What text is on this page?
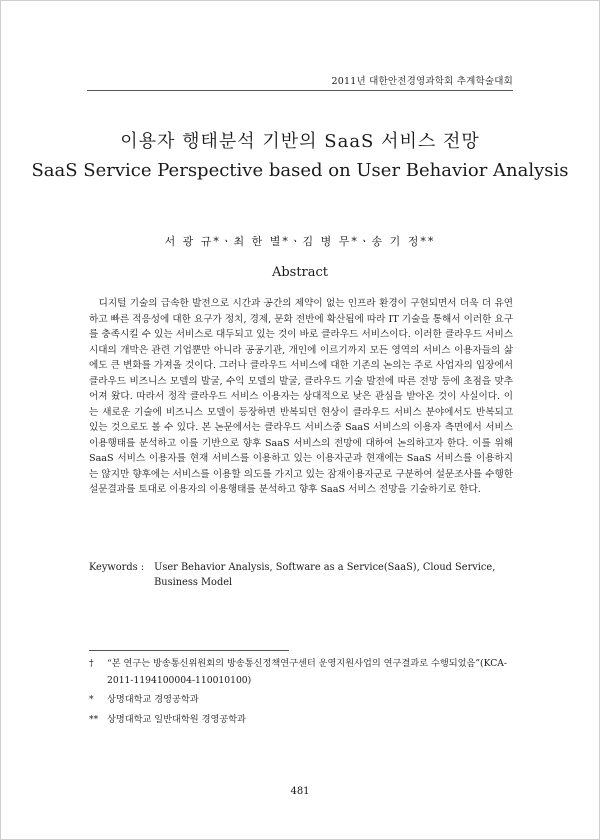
2011년 대한안전경영과학회 추계학술대회
이용자 행태분석 기반의 SaaS 서비스 전망
SaaS Service Perspective based on User Behavior Analysis
서 광 규*ㆍ최 한 별*ㆍ김 병 무*ㆍ송 기 정**
Abstract
디지털 기술의 급속한 발전으로 시간과 공간의 제약이 없는 인프라 환경이 구현되면서 더욱 더 유연하고 빠른 적응성에 대한 요구가 정치, 경제, 문화 전반에 확산됨에 따라 IT 기술을 통해서 이러한 요구를 충족시킬 수 있는 서비스로 대두되고 있는 것이 바로 클라우드 서비스이다. 이러한 클라우드 서비스 시대의 개막은 관련 기업뿐만 아니라 공공기관, 개인에 이르기까지 모든 영역의 서비스 이용자들의 삶에도 큰 변화를 가져올 것이다. 그러나 클라우드 서비스에 대한 기존의 논의는 주로 사업자의 입장에서 클라우드 비즈니스 모델의 발굴, 수익 모델의 발굴, 클라우드 기술 발전에 따른 전망 등에 초점을 맞추어져 왔다. 따라서 정작 클라우드 서비스 이용자는 상대적으로 낮은 관심을 받아온 것이 사실이다. 이는 새로운 기술에 비즈니스 모델이 등장하면 반복되던 현상이 클라우드 서비스 분야에서도 반복되고 있는 것으로도 볼 수 있다. 본 논문에서는 클라우드 서비스중 SaaS 서비스의 이용자 측면에서 서비스 이용행태를 분석하고 이를 기반으로 향후 SaaS 서비스의 전망에 대하여 논의하고자 한다. 이를 위해 SaaS 서비스 이용자를 현재 서비스를 이용하고 있는 이용자군과 현재에는 SaaS 서비스를 이용하지는 않지만 향후에는 서비스를 이용할 의도를 가지고 있는 잠재이용자군로 구분하여 설문조사를 수행한 설문결과를 토대로 이용자의 이용행태를 분석하고 향후 SaaS 서비스 전망을 기술하기로 한다.
Keywords :	User Behavior Analysis, Software as a Service(SaaS), Cloud Service, Business Model
†	“본 연구는 방송통신위원회의 방송통신정책연구센터 운영지원사업의 연구결과로 수행되었음”(KCA-2011-1194100004-110010100)
*	상명대학교 경영공학과
** 상명대학교 일반대학원 경영공학과
481
